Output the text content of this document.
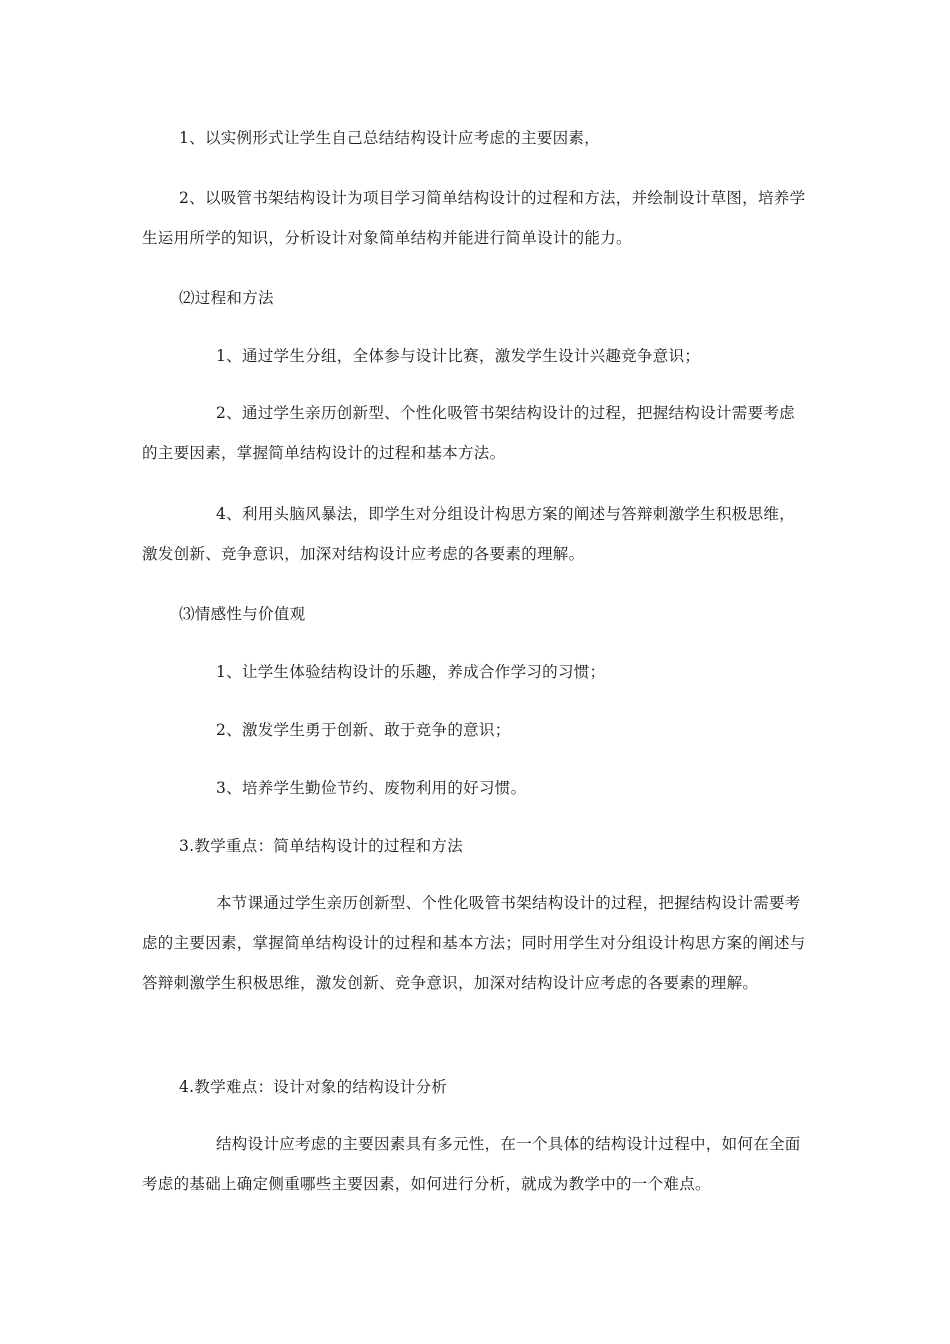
1、以实例形式让学生自己总结结构设计应考虑的主要因素，
2、以吸管书架结构设计为项目学习简单结构设计的过程和方法，并绘制设计草图，培养学生运用所学的知识，分析设计对象简单结构并能进行简单设计的能力。
⑵过程和方法
1、通过学生分组，全体参与设计比赛，激发学生设计兴趣竞争意识；
2、通过学生亲历创新型、个性化吸管书架结构设计的过程，把握结构设计需要考虑的主要因素，掌握简单结构设计的过程和基本方法。
4、利用头脑风暴法，即学生对分组设计构思方案的阐述与答辩刺激学生积极思维，激发创新、竞争意识，加深对结构设计应考虑的各要素的理解。
⑶情感性与价值观
1、让学生体验结构设计的乐趣，养成合作学习的习惯；
2、激发学生勇于创新、敢于竞争的意识；
3、培养学生勤俭节约、废物利用的好习惯。
3.教学重点：简单结构设计的过程和方法
本节课通过学生亲历创新型、个性化吸管书架结构设计的过程，把握结构设计需要考虑的主要因素，掌握简单结构设计的过程和基本方法；同时用学生对分组设计构思方案的阐述与答辩刺激学生积极思维，激发创新、竞争意识，加深对结构设计应考虑的各要素的理解。
4.教学难点：设计对象的结构设计分析
结构设计应考虑的主要因素具有多元性，在一个具体的结构设计过程中，如何在全面考虑的基础上确定侧重哪些主要因素，如何进行分析，就成为教学中的一个难点。
